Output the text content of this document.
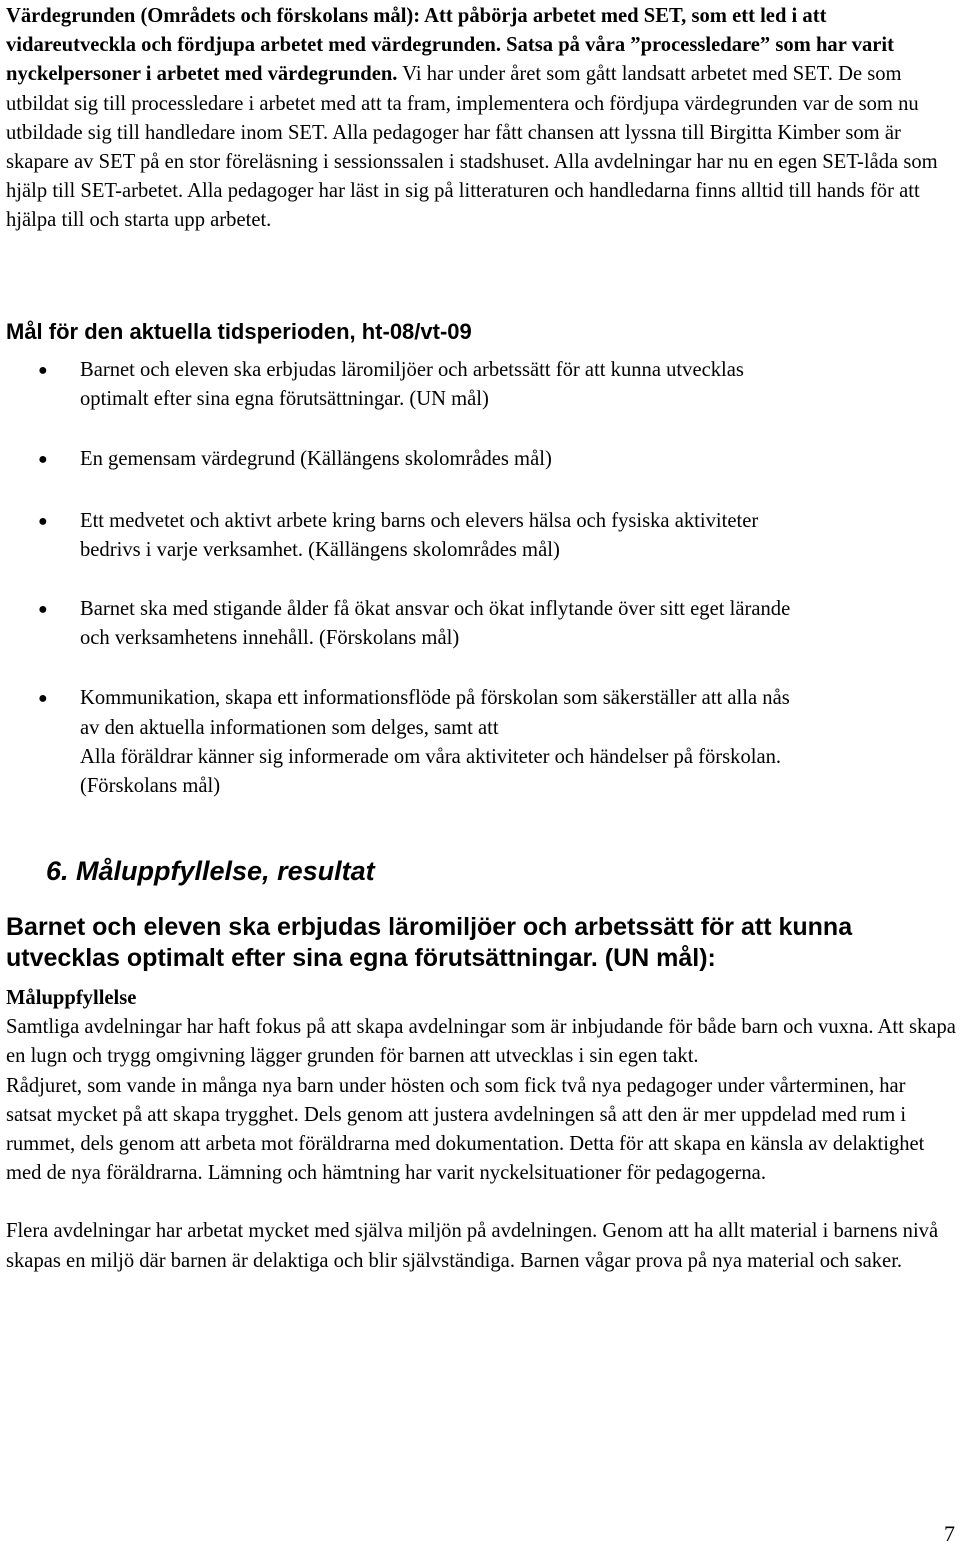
Värdegrunden (Områdets och förskolans mål): Att påbörja arbetet med SET, som ett led i att vidareutveckla och fördjupa arbetet med värdegrunden. Satsa på våra ”processledare” som har varit nyckelpersoner i arbetet med värdegrunden. Vi har under året som gått landsatt arbetet med SET. De som utbildat sig till processledare i arbetet med att ta fram, implementera och fördjupa värdegrunden var de som nu utbildade sig till handledare inom SET. Alla pedagoger har fått chansen att lyssna till Birgitta Kimber som är skapare av SET på en stor föreläsning i sessionssalen i stadshuset. Alla avdelningar har nu en egen SET-låda som hjälp till SET-arbetet. Alla pedagoger har läst in sig på litteraturen och handledarna finns alltid till hands för att hjälpa till och starta upp arbetet.

Mål för den aktuella tidsperioden, ht-08/vt-09
● Barnet och eleven ska erbjudas läromiljöer och arbetssätt för att kunna utvecklas
optimalt efter sina egna förutsättningar. (UN mål)
● En gemensam värdegrund (Källängens skolområdes mål)
● Ett medvetet och aktivt arbete kring barns och elevers hälsa och fysiska aktiviteter
bedrivs i varje verksamhet. (Källängens skolområdes mål)
● Barnet ska med stigande ålder få ökat ansvar och ökat inflytande över sitt eget lärande
och verksamhetens innehåll. (Förskolans mål)
● Kommunikation, skapa ett informationsflöde på förskolan som säkerställer att alla nås
av den aktuella informationen som delges, samt att
Alla föräldrar känner sig informerade om våra aktiviteter och händelser på förskolan.
(Förskolans mål)
6. Måluppfyllelse, resultat
Barnet och eleven ska erbjudas läromiljöer och arbetssätt för att kunna utvecklas optimalt efter sina egna förutsättningar. (UN mål):

Måluppfyllelse

Samtliga avdelningar har haft fokus på att skapa avdelningar som är inbjudande för både barn och vuxna. Att skapa en lugn och trygg omgivning lägger grunden för barnen att utvecklas i sin egen takt.

Rådjuret, som vande in många nya barn under hösten och som fick två nya pedagoger under vårterminen, har satsat mycket på att skapa trygghet. Dels genom att justera avdelningen så att den är mer uppdelad med rum i rummet, dels genom att arbeta mot föräldrarna med dokumentation. Detta för att skapa en känsla av delaktighet med de nya föräldrarna. Lämning och hämtning har varit nyckelsituationer för pedagogerna.

Flera avdelningar har arbetat mycket med själva miljön på avdelningen. Genom att ha allt material i barnens nivå skapas en miljö där barnen är delaktiga och blir självständiga. Barnen vågar prova på nya material och saker.

7
